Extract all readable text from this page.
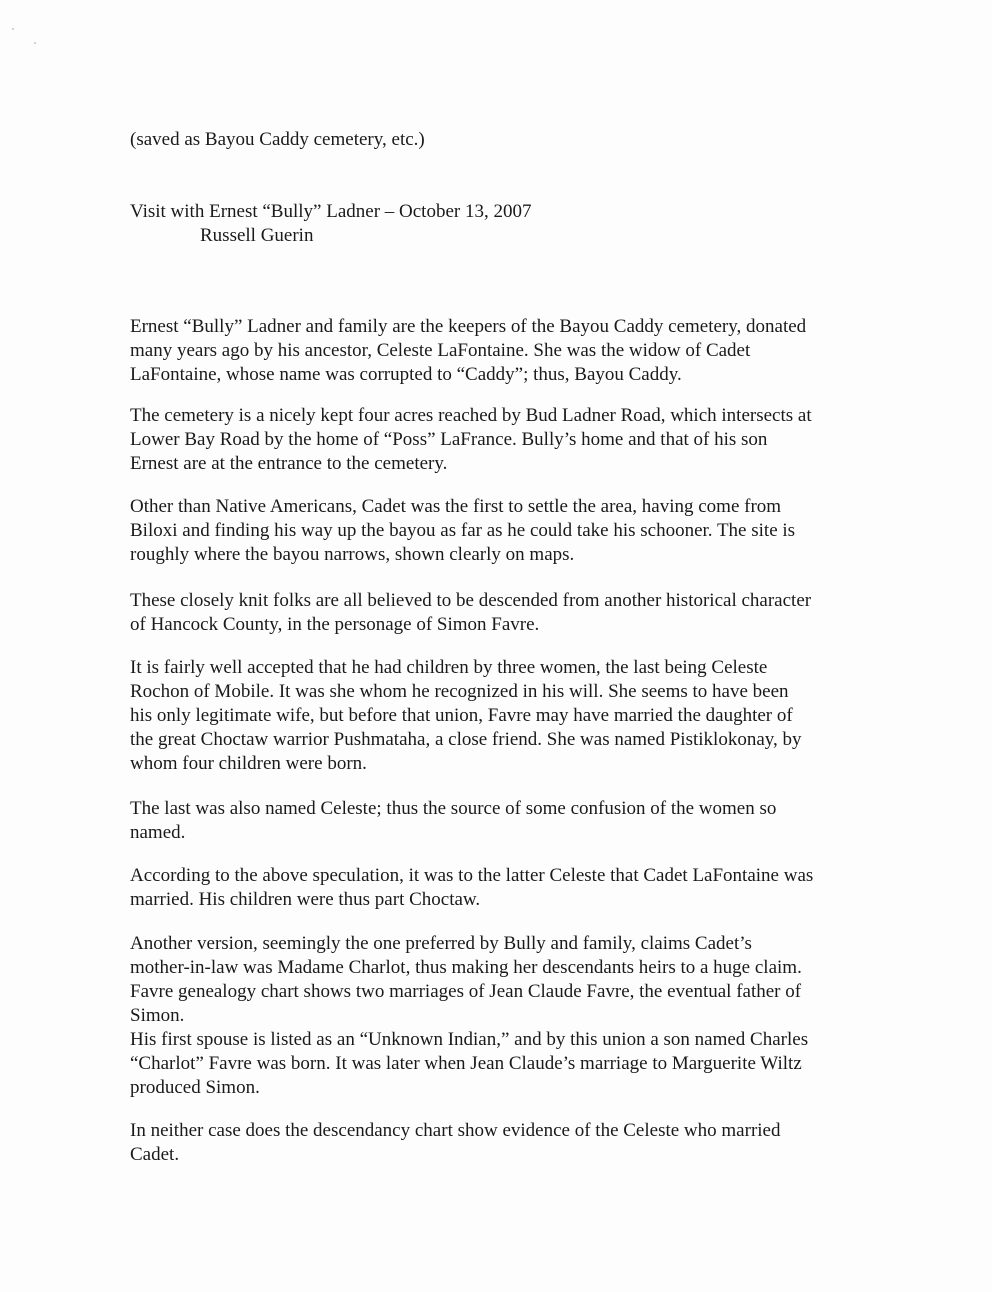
(saved as Bayou Caddy cemetery, etc.)
Visit with Ernest “Bully” Ladner – October 13, 2007
Russell Guerin
Ernest “Bully” Ladner and family are the keepers of the Bayou Caddy cemetery, donated
many years ago by his ancestor, Celeste LaFontaine. She was the widow of Cadet
LaFontaine, whose name was corrupted to “Caddy”; thus, Bayou Caddy.
The cemetery is a nicely kept four acres reached by Bud Ladner Road, which intersects at
Lower Bay Road by the home of “Poss” LaFrance. Bully’s home and that of his son
Ernest are at the entrance to the cemetery.
Other than Native Americans, Cadet was the first to settle the area, having come from
Biloxi and finding his way up the bayou as far as he could take his schooner. The site is
roughly where the bayou narrows, shown clearly on maps.
These closely knit folks are all believed to be descended from another historical character
of Hancock County, in the personage of Simon Favre.
It is fairly well accepted that he had children by three women, the last being Celeste
Rochon of Mobile. It was she whom he recognized in his will. She seems to have been
his only legitimate wife, but before that union, Favre may have married the daughter of
the great Choctaw warrior Pushmataha, a close friend. She was named Pistiklokonay, by
whom four children were born.
The last was also named Celeste; thus the source of some confusion of the women so
named.
According to the above speculation, it was to the latter Celeste that Cadet LaFontaine was
married. His children were thus part Choctaw.
Another version, seemingly the one preferred by Bully and family, claims Cadet’s
mother-in-law was Madame Charlot, thus making her descendants heirs to a huge claim.
Favre genealogy chart shows two marriages of Jean Claude Favre, the eventual father of
Simon.
His first spouse is listed as an “Unknown Indian,” and by this union a son named Charles
“Charlot” Favre was born. It was later when Jean Claude’s marriage to Marguerite Wiltz
produced Simon.
In neither case does the descendancy chart show evidence of the Celeste who married
Cadet.
